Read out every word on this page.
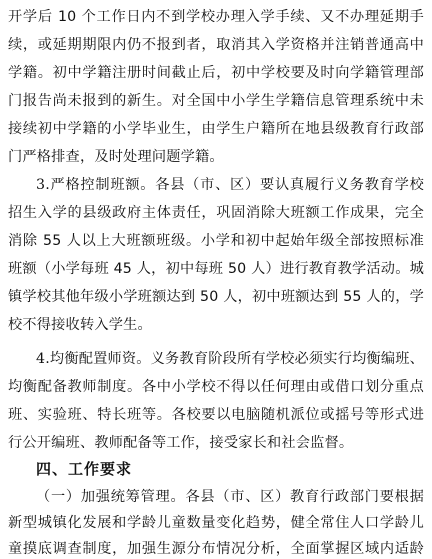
开学后 10 个工作日内不到学校办理入学手续、又不办理延期手
续，或延期期限内仍不报到者，取消其入学资格并注销普通高中
学籍。初中学籍注册时间截止后，初中学校要及时向学籍管理部
门报告尚未报到的新生。对全国中小学生学籍信息管理系统中未
接续初中学籍的小学毕业生，由学生户籍所在地县级教育行政部
门严格排查，及时处理问题学籍。
3.严格控制班额。各县（市、区）要认真履行义务教育学校
招生入学的县级政府主体责任，巩固消除大班额工作成果，完全
消除 55 人以上大班额班级。小学和初中起始年级全部按照标准
班额（小学每班 45 人，初中每班 50 人）进行教育教学活动。城
镇学校其他年级小学班额达到 50 人，初中班额达到 55 人的，学
校不得接收转入学生。
4.均衡配置师资。义务教育阶段所有学校必须实行均衡编班、
均衡配备教师制度。各中小学校不得以任何理由或借口划分重点
班、实验班、特长班等。各校要以电脑随机派位或摇号等形式进
行公开编班、教师配备等工作，接受家长和社会监督。
四、工作要求
（一）加强统筹管理。各县（市、区）教育行政部门要根据
新型城镇化发展和学龄儿童数量变化趋势，健全常住人口学龄儿
童摸底调查制度，加强生源分布情况分析，全面掌握区域内适龄
